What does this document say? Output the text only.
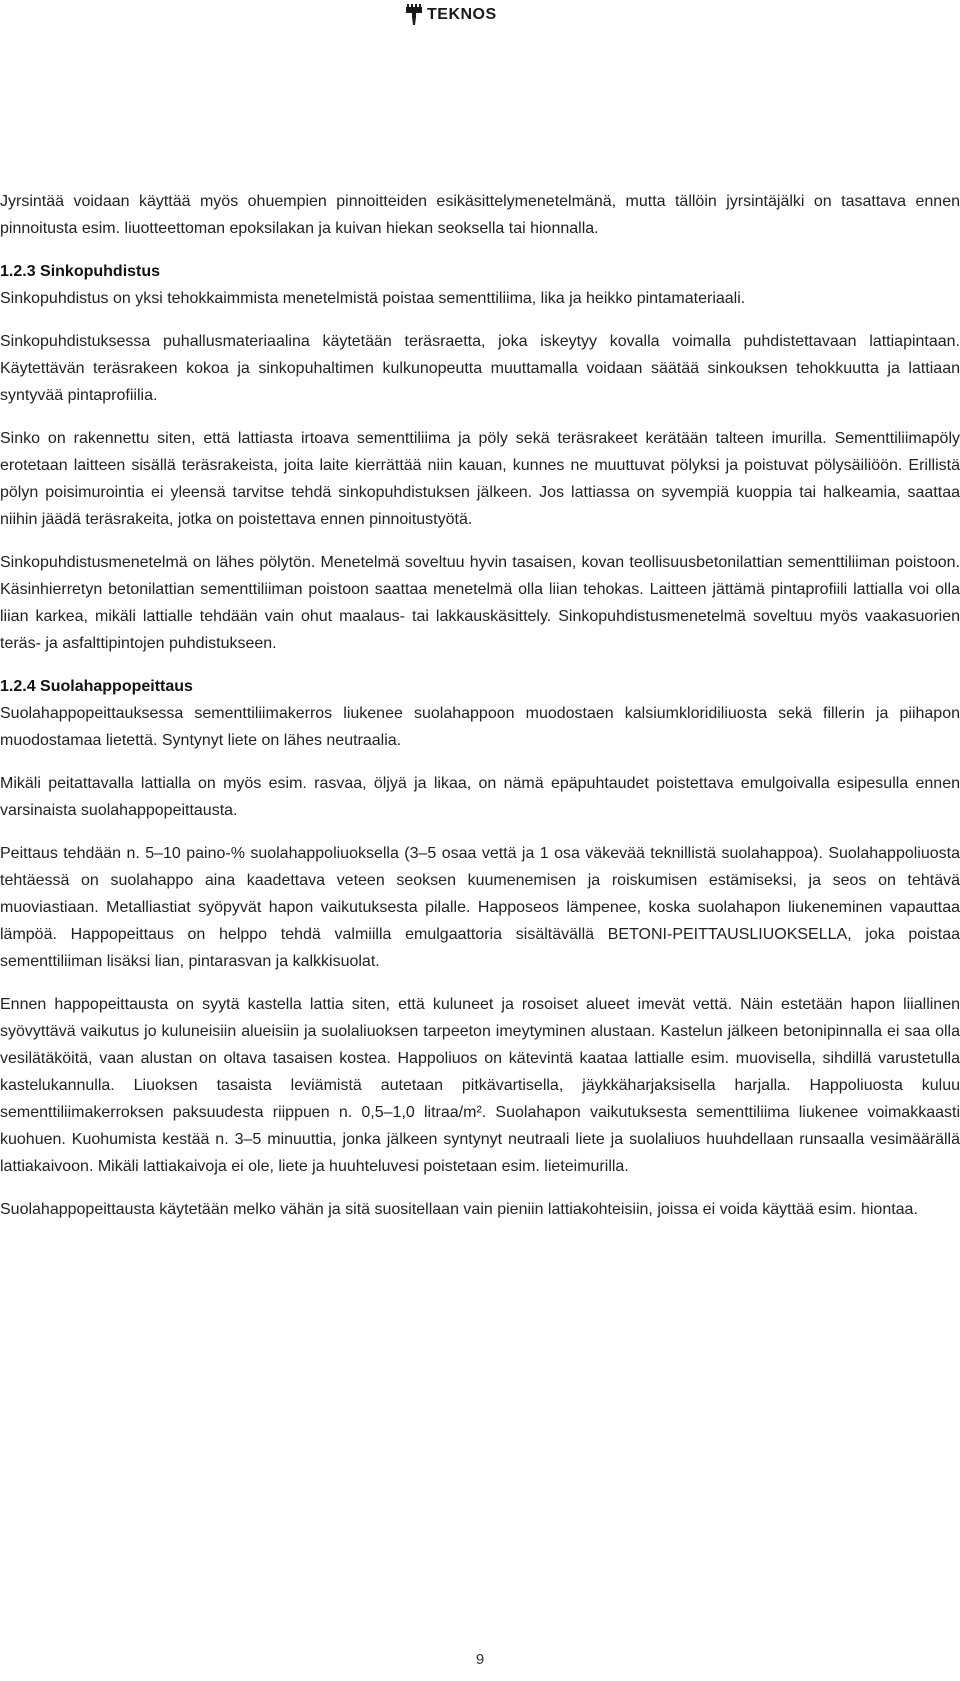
TEKNOS

Jyrsintää voidaan käyttää myös ohuempien pinnoitteiden esikäsittelymenetelmänä, mutta tällöin jyrsintäjälki on tasattava ennen pinnoitusta esim. liuotteettoman epoksilakan ja kuivan hiekan seoksella tai hionnalla.

1.2.3 Sinkopuhdistus

Sinkopuhdistus on yksi tehokkaimmista menetelmistä poistaa sementtiliima, lika ja heikko pintamateriaali.

Sinkopuhdistuksessa puhallusmateriaalina käytetään teräsraetta, joka iskeytyy kovalla voimalla puhdistettavaan lattiapintaan. Käytettävän teräsrakeen kokoa ja sinkopuhaltimen kulkunopeutta muuttamalla voidaan säätää sinkouksen tehokkuutta ja lattiaan syntyvää pintaprofiilia.

Sinko on rakennettu siten, että lattiasta irtoava sementtiliima ja pöly sekä teräsrakeet kerätään talteen imurilla. Sementtiliimapöly erotetaan laitteen sisällä teräsrakeista, joita laite kierrättää niin kauan, kunnes ne muuttuvat pölyksi ja poistuvat pölysäiliöön. Erillistä pölyn poisimurointia ei yleensä tarvitse tehdä sinkopuhdistuksen jälkeen. Jos lattiassa on syvempiä kuoppia tai halkeamia, saattaa niihin jäädä teräsrakeita, jotka on poistettava ennen pinnoitustyötä.

Sinkopuhdistusmenetelmä on lähes pölytön. Menetelmä soveltuu hyvin tasaisen, kovan teollisuusbetonilattian sementtiliiman poistoon. Käsinhierretyn betonilattian sementtiliiman poistoon saattaa menetelmä olla liian tehokas. Laitteen jättämä pintaprofiili lattialla voi olla liian karkea, mikäli lattialle tehdään vain ohut maalaus- tai lakkauskäsittely. Sinkopuhdistusmenetelmä soveltuu myös vaakasuorien teräs- ja asfalttipintojen puhdistukseen.

1.2.4 Suolahappopeittaus

Suolahappopeittauksessa sementtiliimakerros liukenee suolahappoon muodostaen kalsiumkloridiliuosta sekä fillerin ja piihapon muodostamaa lietettä. Syntynyt liete on lähes neutraalia.

Mikäli peitattavalla lattialla on myös esim. rasvaa, öljyä ja likaa, on nämä epäpuhtaudet poistettava emulgoivalla esipesulla ennen varsinaista suolahappopeittausta.

Peittaus tehdään n. 5–10 paino-% suolahappoliuoksella (3–5 osaa vettä ja 1 osa väkevää teknillistä suolahappoa). Suolahappoliuosta tehtäessä on suolahappo aina kaadettava veteen seoksen kuumenemisen ja roiskumisen estämiseksi, ja seos on tehtävä muoviastiaan. Metalliastiat syöpyvät hapon vaikutuksesta pilalle. Happoseos lämpenee, koska suolahapon liukeneminen vapauttaa lämpöä. Happopeittaus on helppo tehdä valmiilla emulgaattoria sisältävällä BETONI-PEITTAUSLIUOKSELLA, joka poistaa sementtiliiman lisäksi lian, pintarasvan ja kalkkisuolat.

Ennen happopeittausta on syytä kastella lattia siten, että kuluneet ja rosoiset alueet imevät vettä. Näin estetään hapon liiallinen syövyttävä vaikutus jo kuluneisiin alueisiin ja suolaliuoksen tarpeeton imeytyminen alustaan. Kastelun jälkeen betonipinnalla ei saa olla vesilätäköitä, vaan alustan on oltava tasaisen kostea. Happoliuos on kätevintä kaataa lattialle esim. muovisella, sihdillä varustetulla kastelukannulla. Liuoksen tasaista leviämistä autetaan pitkävartisella, jäykkäharjaksisella harjalla. Happoliuosta kuluu sementtiliimakerroksen paksuudesta riippuen n. 0,5–1,0 litraa/m². Suolahapon vaikutuksesta sementtiliima liukenee voimakkaasti kuohuen. Kuohumista kestää n. 3–5 minuuttia, jonka jälkeen syntynyt neutraali liete ja suolaliuos huuhdellaan runsaalla vesimäärällä lattiakaivoon. Mikäli lattiakaivoja ei ole, liete ja huuhteluvesi poistetaan esim. lieteimurilla.

Suolahappopeittausta käytetään melko vähän ja sitä suositellaan vain pieniin lattiakohteisiin, joissa ei voida käyttää esim. hiontaa.

9
